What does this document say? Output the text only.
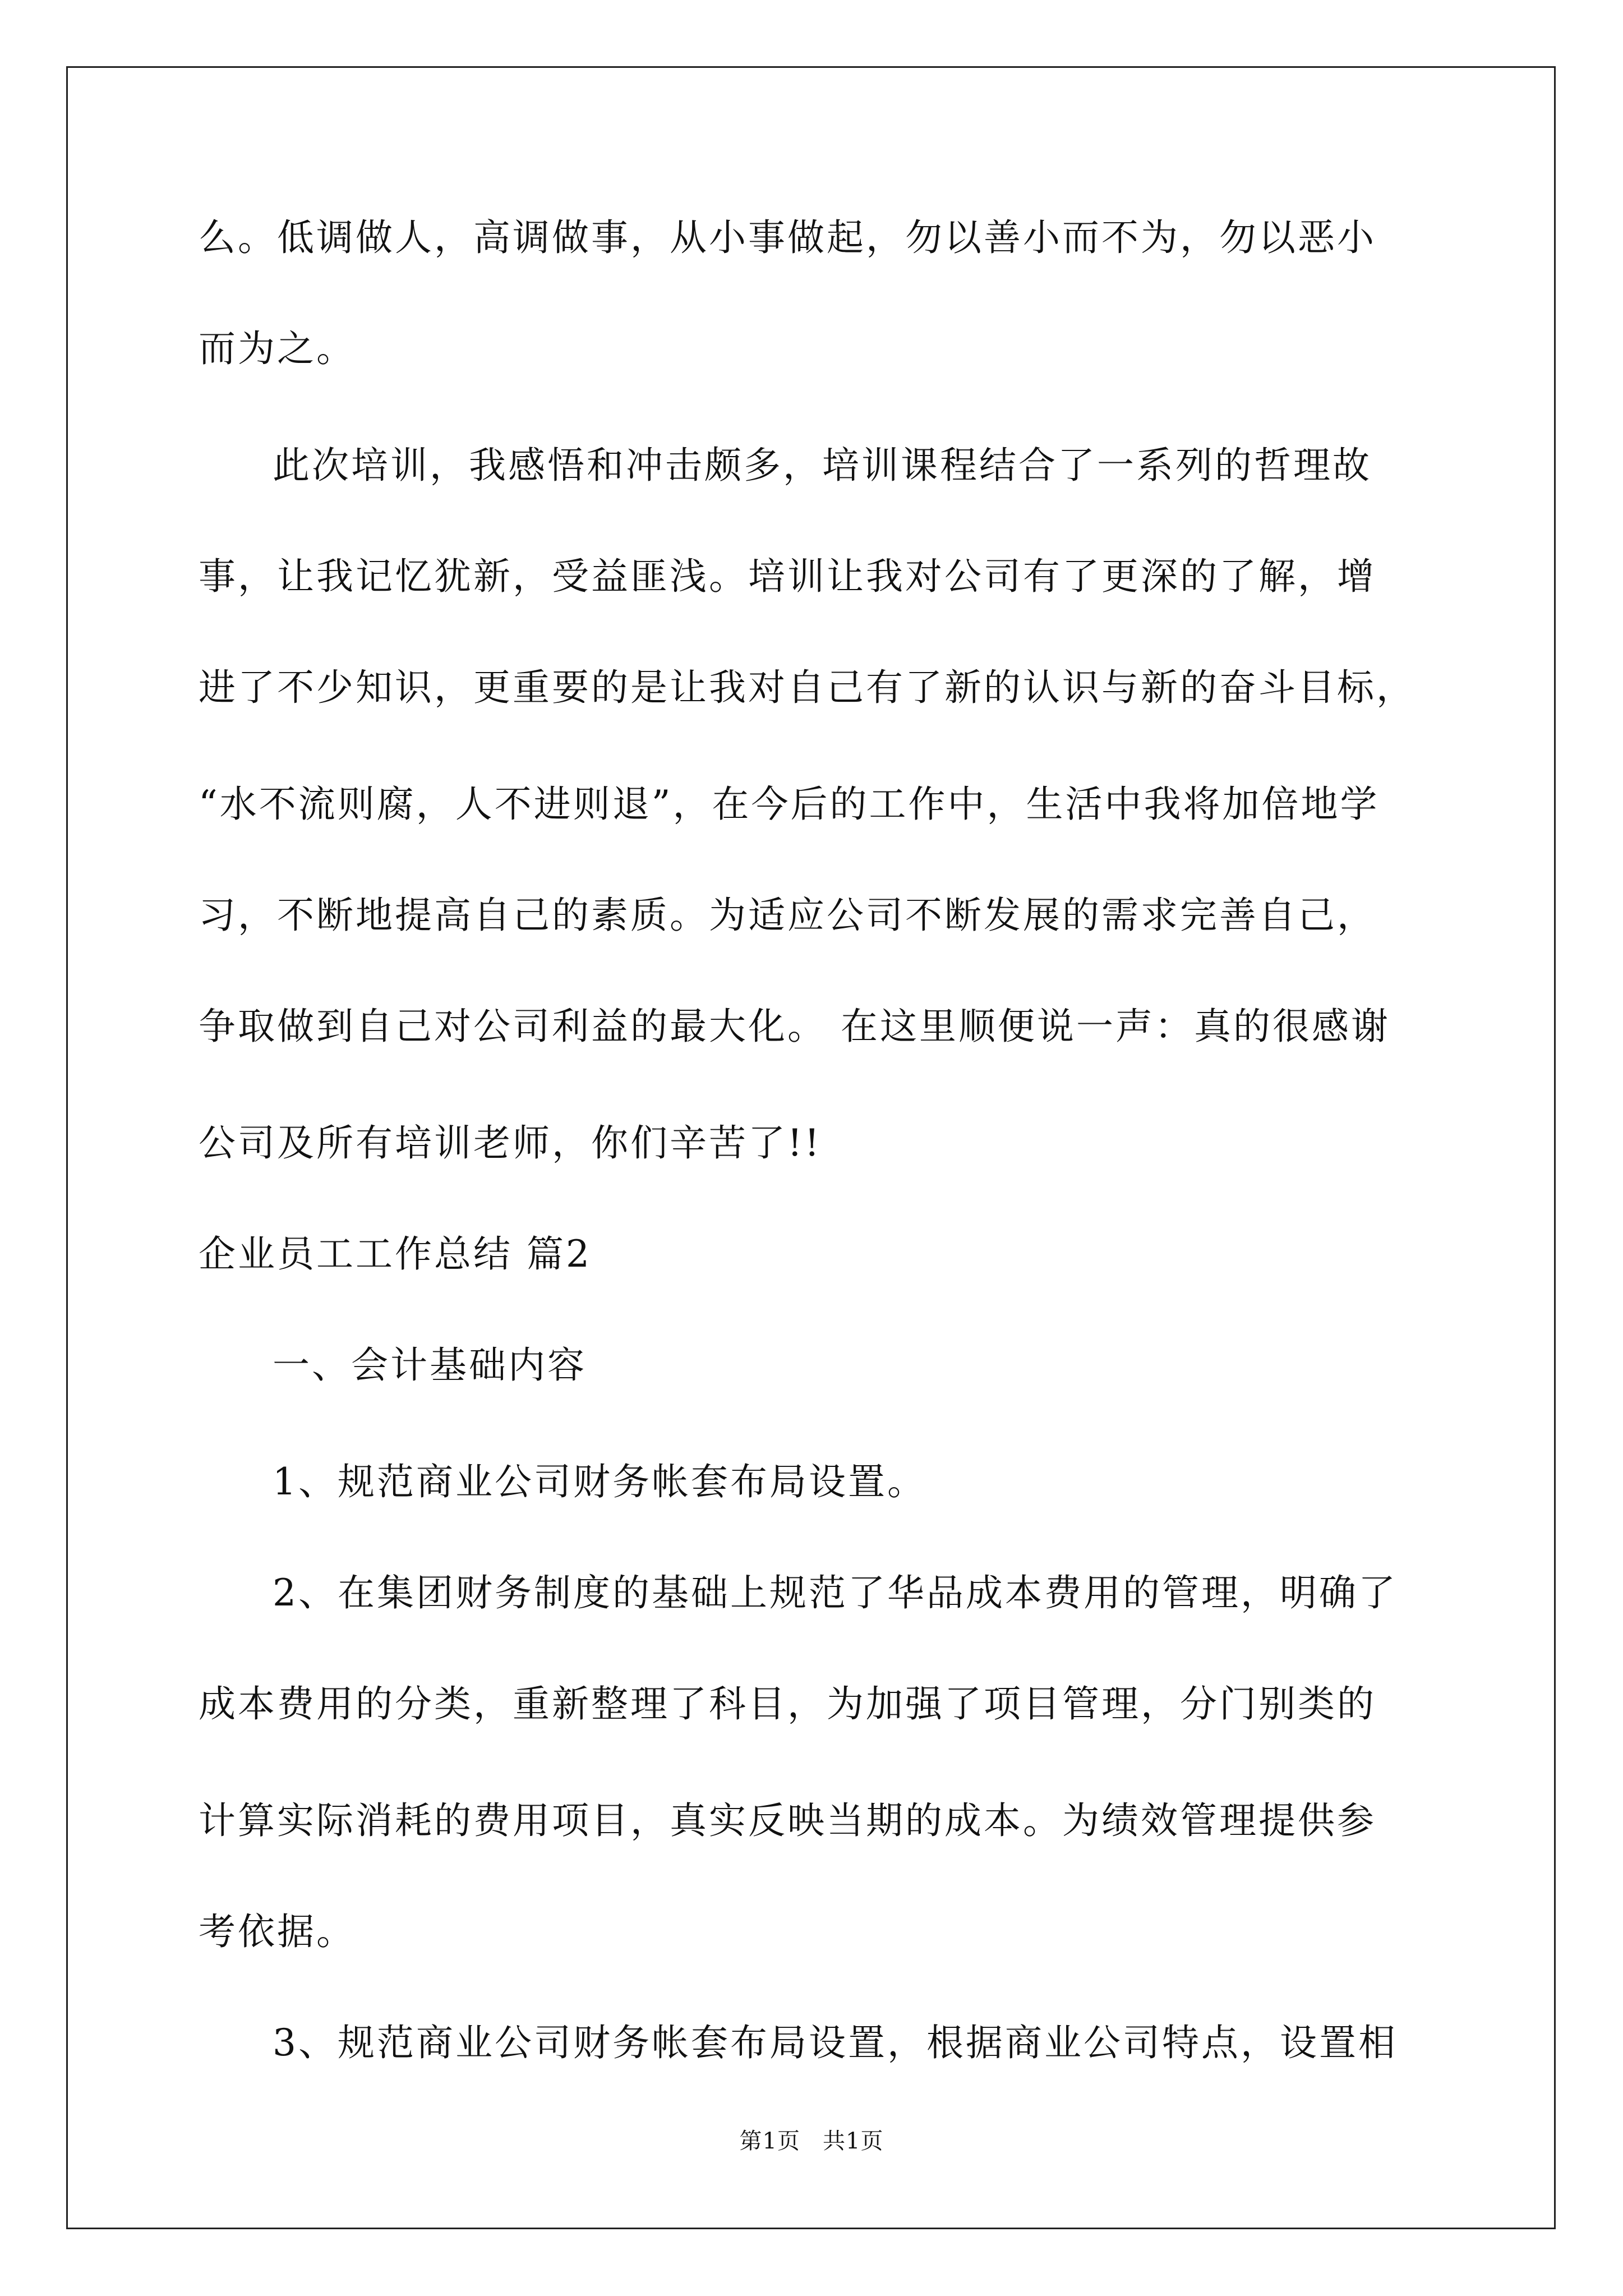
么。低调做人，高调做事，从小事做起，勿以善小而不为，勿以恶小
而为之。
此次培训，我感悟和冲击颇多，培训课程结合了一系列的哲理故
事，让我记忆犹新，受益匪浅。培训让我对公司有了更深的了解，增
进了不少知识，更重要的是让我对自己有了新的认识与新的奋斗目标，
“水不流则腐，人不进则退”，在今后的工作中，生活中我将加倍地学
习，不断地提高自己的素质。为适应公司不断发展的需求完善自己，
争取做到自己对公司利益的最大化。 在这里顺便说一声：真的很感谢
公司及所有培训老师，你们辛苦了!!
企业员工工作总结 篇2
一、会计基础内容
1、规范商业公司财务帐套布局设置。
2、在集团财务制度的基础上规范了华品成本费用的管理，明确了
成本费用的分类，重新整理了科目，为加强了项目管理，分门别类的
计算实际消耗的费用项目，真实反映当期的成本。为绩效管理提供参
考依据。
3、规范商业公司财务帐套布局设置，根据商业公司特点，设置相
第1页 共1页
